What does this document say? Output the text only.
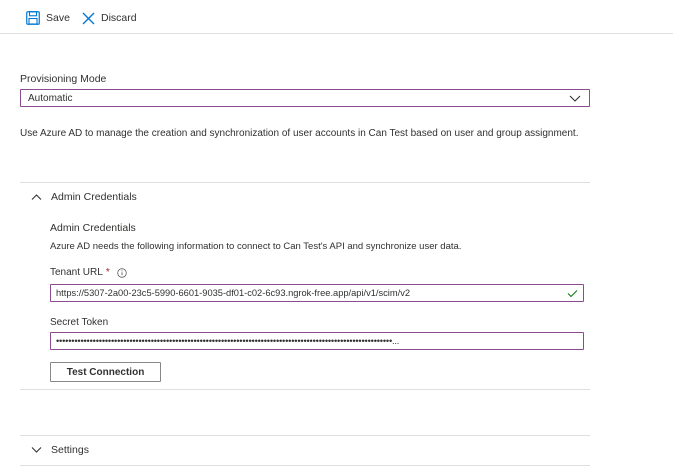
Save	Discard
Provisioning Mode
Automatic
Use Azure AD to manage the creation and synchronization of user accounts in Can Test based on user and group assignment.
Admin Credentials
Admin Credentials
Azure AD needs the following information to connect to Can Test's API and synchronize user data.
Tenant URL *
https://5307-2a00-23c5-5990-6601-9035-df01-c02-6c93.ngrok-free.app/api/v1/scim/v2
Secret Token
••••••••••••••••••••••••••••••••••••••••••••••••••••••••••••••••••••••••••••••••••••••••••••••••••••••••••••••...
Test Connection
Settings
